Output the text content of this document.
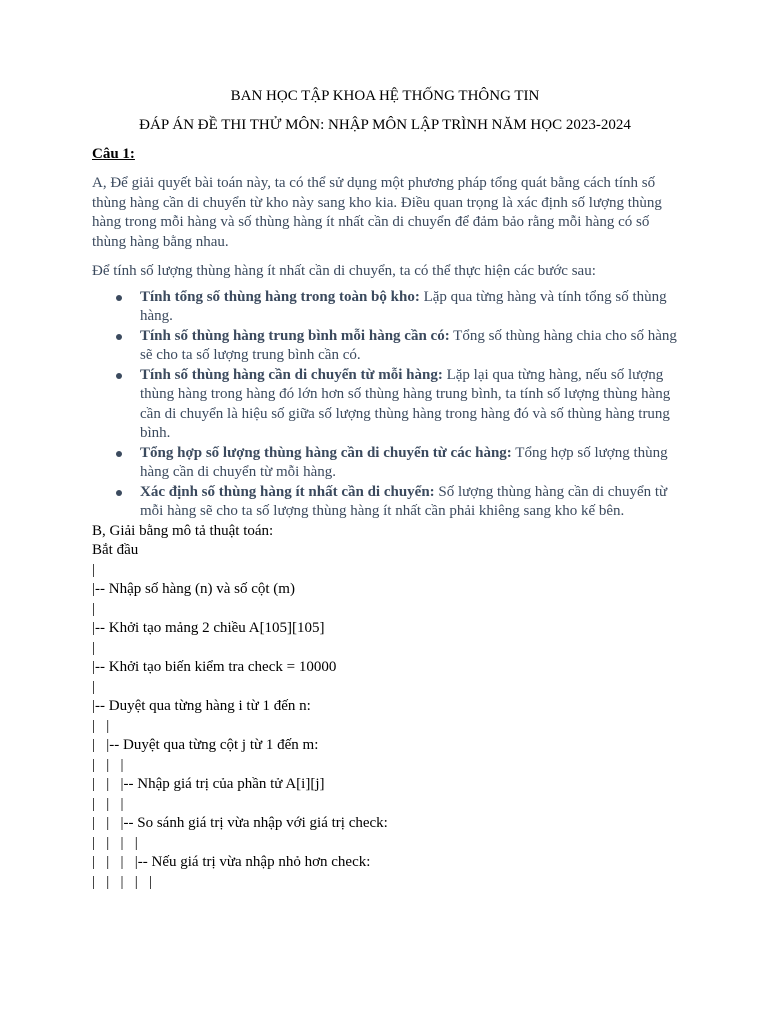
BAN HỌC TẬP KHOA HỆ THỐNG THÔNG TIN
ĐÁP ÁN ĐỀ THI THỬ MÔN: NHẬP MÔN LẬP TRÌNH NĂM HỌC 2023-2024
Câu 1:
A, Để giải quyết bài toán này, ta có thể sử dụng một phương pháp tổng quát bằng cách tính số thùng hàng cần di chuyển từ kho này sang kho kia. Điều quan trọng là xác định số lượng thùng hàng trong mỗi hàng và số thùng hàng ít nhất cần di chuyển để đảm bảo rằng mỗi hàng có số thùng hàng bằng nhau.
Để tính số lượng thùng hàng ít nhất cần di chuyển, ta có thể thực hiện các bước sau:
Tính tổng số thùng hàng trong toàn bộ kho: Lặp qua từng hàng và tính tổng số thùng hàng.
Tính số thùng hàng trung bình mỗi hàng cần có: Tổng số thùng hàng chia cho số hàng sẽ cho ta số lượng trung bình cần có.
Tính số thùng hàng cần di chuyển từ mỗi hàng: Lặp lại qua từng hàng, nếu số lượng thùng hàng trong hàng đó lớn hơn số thùng hàng trung bình, ta tính số lượng thùng hàng cần di chuyển là hiệu số giữa số lượng thùng hàng trong hàng đó và số thùng hàng trung bình.
Tổng hợp số lượng thùng hàng cần di chuyển từ các hàng: Tổng hợp số lượng thùng hàng cần di chuyển từ mỗi hàng.
Xác định số thùng hàng ít nhất cần di chuyển: Số lượng thùng hàng cần di chuyển từ mỗi hàng sẽ cho ta số lượng thùng hàng ít nhất cần phải khiêng sang kho kế bên.
B, Giải bằng mô tả thuật toán:
Bắt đầu
|
|-- Nhập số hàng (n) và số cột (m)
|
|-- Khởi tạo mảng 2 chiều A[105][105]
|
|-- Khởi tạo biến kiểm tra check = 10000
|
|-- Duyệt qua từng hàng i từ 1 đến n:
|   |
|   |-- Duyệt qua từng cột j từ 1 đến m:
|   |   |
|   |   |-- Nhập giá trị của phần tử A[i][j]
|   |   |
|   |   |-- So sánh giá trị vừa nhập với giá trị check:
|   |   |   |
|   |   |   |-- Nếu giá trị vừa nhập nhỏ hơn check:
|   |   |   |   |
